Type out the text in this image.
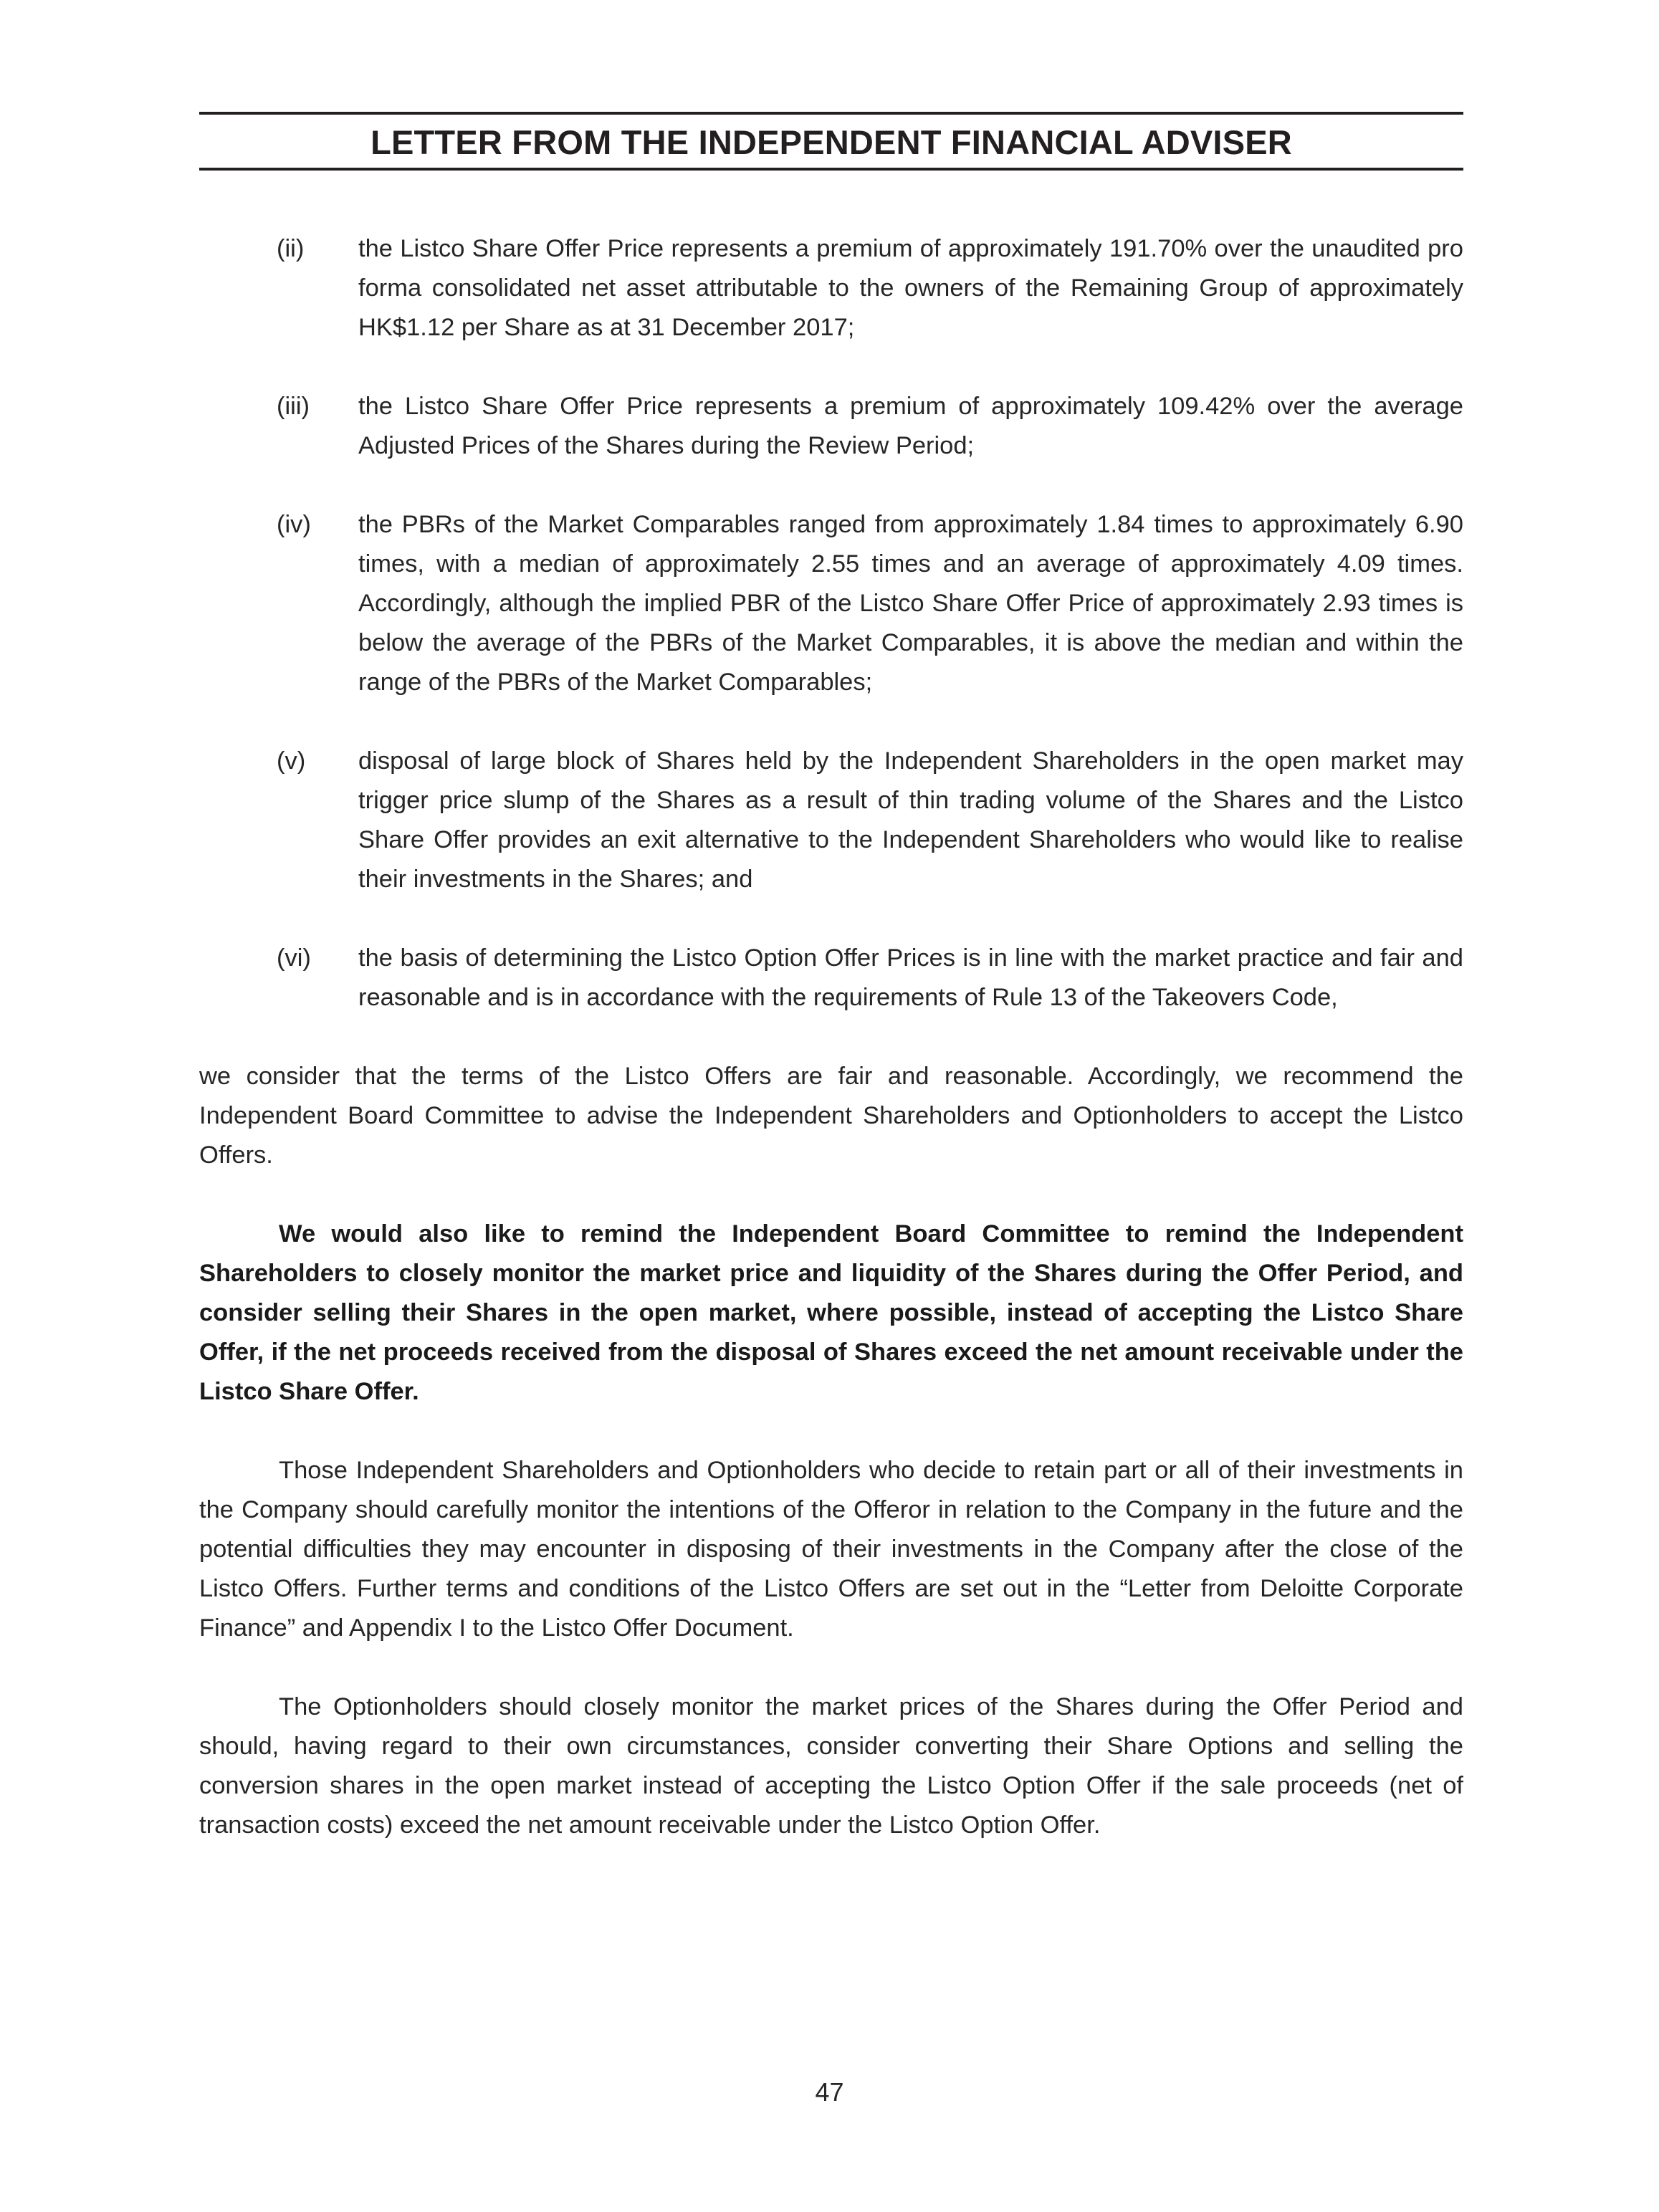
LETTER FROM THE INDEPENDENT FINANCIAL ADVISER
(ii) the Listco Share Offer Price represents a premium of approximately 191.70% over the unaudited pro forma consolidated net asset attributable to the owners of the Remaining Group of approximately HK$1.12 per Share as at 31 December 2017;
(iii) the Listco Share Offer Price represents a premium of approximately 109.42% over the average Adjusted Prices of the Shares during the Review Period;
(iv) the PBRs of the Market Comparables ranged from approximately 1.84 times to approximately 6.90 times, with a median of approximately 2.55 times and an average of approximately 4.09 times. Accordingly, although the implied PBR of the Listco Share Offer Price of approximately 2.93 times is below the average of the PBRs of the Market Comparables, it is above the median and within the range of the PBRs of the Market Comparables;
(v) disposal of large block of Shares held by the Independent Shareholders in the open market may trigger price slump of the Shares as a result of thin trading volume of the Shares and the Listco Share Offer provides an exit alternative to the Independent Shareholders who would like to realise their investments in the Shares; and
(vi) the basis of determining the Listco Option Offer Prices is in line with the market practice and fair and reasonable and is in accordance with the requirements of Rule 13 of the Takeovers Code,

we consider that the terms of the Listco Offers are fair and reasonable. Accordingly, we recommend the Independent Board Committee to advise the Independent Shareholders and Optionholders to accept the Listco Offers.

We would also like to remind the Independent Board Committee to remind the Independent Shareholders to closely monitor the market price and liquidity of the Shares during the Offer Period, and consider selling their Shares in the open market, where possible, instead of accepting the Listco Share Offer, if the net proceeds received from the disposal of Shares exceed the net amount receivable under the Listco Share Offer.

Those Independent Shareholders and Optionholders who decide to retain part or all of their investments in the Company should carefully monitor the intentions of the Offeror in relation to the Company in the future and the potential difficulties they may encounter in disposing of their investments in the Company after the close of the Listco Offers. Further terms and conditions of the Listco Offers are set out in the “Letter from Deloitte Corporate Finance” and Appendix I to the Listco Offer Document.

The Optionholders should closely monitor the market prices of the Shares during the Offer Period and should, having regard to their own circumstances, consider converting their Share Options and selling the conversion shares in the open market instead of accepting the Listco Option Offer if the sale proceeds (net of transaction costs) exceed the net amount receivable under the Listco Option Offer.

47
